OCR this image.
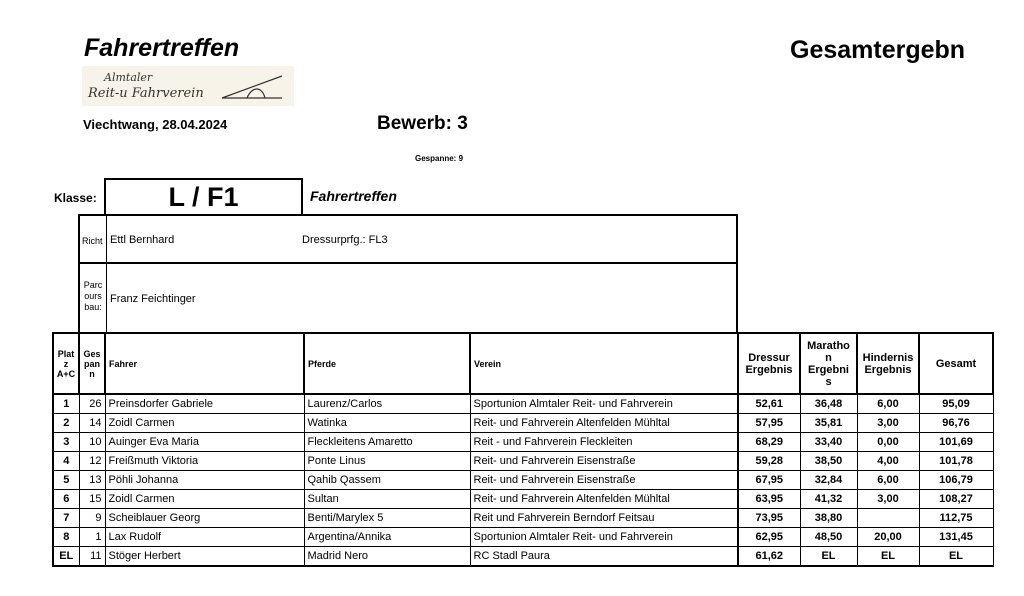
Fahrertreffen	Gesamtergebn
Almtaler
Reit-u Fahrverein
Viechtwang, 28.04.2024	Bewerb: 3
Gespanne: 9
Klasse:	L / F1	Fahrertreffen
Richt Ettl Bernhard	Dressurprfg.: FL3
Parc ours bau:
Franz Feichtinger
Plat z A+C	Ges pan n	Fahrer	Pferde	Verein	Dressur Ergebnis	Maratho n Ergebni s	Hindernis Ergebnis	Gesamt
1	26	Preinsdorfer Gabriele	Laurenz/Carlos	Sportunion Almtaler Reit- und Fahrverein	52,61	36,48	6,00	95,09
2	14	Zoidl Carmen	Watinka	Reit- und Fahrverein Altenfelden Mühltal	57,95	35,81	3,00	96,76
3	10	Auinger Eva Maria	Fleckleitens Amaretto	Reit - und Fahrverein Fleckleiten	68,29	33,40	0,00	101,69
4	12	Freißmuth Viktoria	Ponte Linus	Reit- und Fahrverein Eisenstraße	59,28	38,50	4,00	101,78
5	13	Pöhli Johanna	Qahib Qassem	Reit- und Fahrverein Eisenstraße	67,95	32,84	6,00	106,79
6	15	Zoidl Carmen	Sultan	Reit- und Fahrverein Altenfelden Mühltal	63,95	41,32	3,00	108,27
7	9	Scheiblauer Georg	Benti/Marylex 5	Reit und Fahrverein Berndorf Feitsau	73,95	38,80		112,75
8	1	Lax Rudolf	Argentina/Annika	Sportunion Almtaler Reit- und Fahrverein	62,95	48,50	20,00	131,45
EL	11	Stöger Herbert	Madrid Nero	RC Stadl Paura	61,62	EL	EL	EL
